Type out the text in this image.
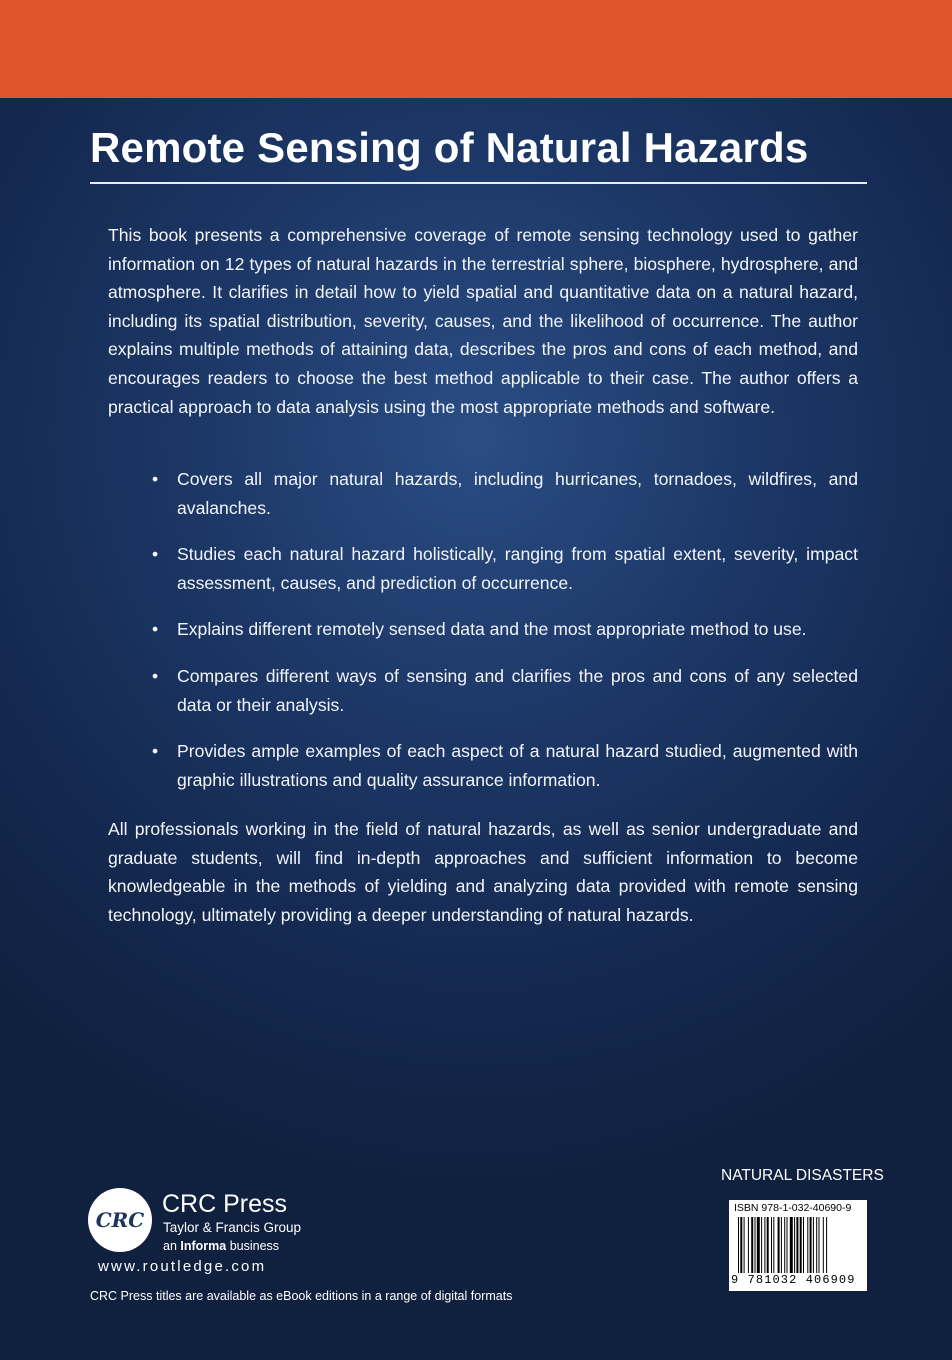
Remote Sensing of Natural Hazards
This book presents a comprehensive coverage of remote sensing technology used to gather information on 12 types of natural hazards in the terrestrial sphere, biosphere, hydrosphere, and atmosphere. It clarifies in detail how to yield spatial and quantitative data on a natural hazard, including its spatial distribution, severity, causes, and the likelihood of occurrence. The author explains multiple methods of attaining data, describes the pros and cons of each method, and encourages readers to choose the best method applicable to their case. The author offers a practical approach to data analysis using the most appropriate methods and software.
• Covers all major natural hazards, including hurricanes, tornadoes, wildfires, and avalanches.
• Studies each natural hazard holistically, ranging from spatial extent, severity, impact assessment, causes, and prediction of occurrence.
• Explains different remotely sensed data and the most appropriate method to use.
• Compares different ways of sensing and clarifies the pros and cons of any selected data or their analysis.
• Provides ample examples of each aspect of a natural hazard studied, augmented with graphic illustrations and quality assurance information.
All professionals working in the field of natural hazards, as well as senior undergraduate and graduate students, will find in-depth approaches and sufficient information to become knowledgeable in the methods of yielding and analyzing data provided with remote sensing technology, ultimately providing a deeper understanding of natural hazards.
CRC
CRC Press
Taylor & Francis Group
an Informa business
www.routledge.com
CRC Press titles are available as eBook editions in a range of digital formats
NATURAL DISASTERS
ISBN 978-1-032-40690-9
9 781032 406909
